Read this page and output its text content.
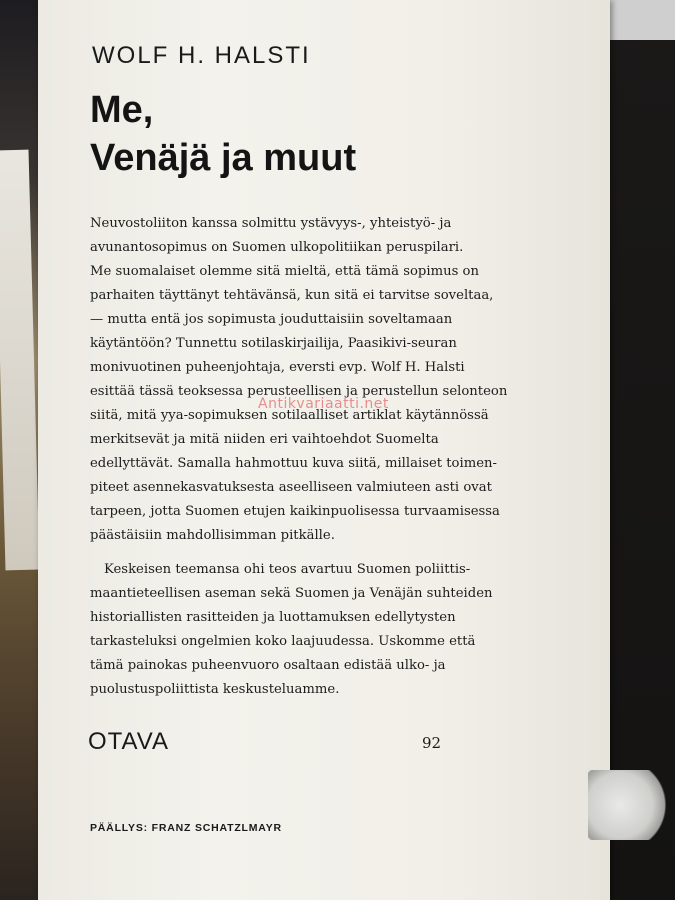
WOLF H. HALSTI
Me,
Venäjä ja muut
Neuvostoliiton kanssa solmittu ystävyys-, yhteistyö- ja
avunantosopimus on Suomen ulkopolitiikan peruspilari.
Me suomalaiset olemme sitä mieltä, että tämä sopimus on
parhaiten täyttänyt tehtävänsä, kun sitä ei tarvitse soveltaa,
— mutta entä jos sopimusta jouduttaisiin soveltamaan
käytäntöön? Tunnettu sotilaskirjailija, Paasikivi-seuran
monivuotinen puheenjohtaja, eversti evp. Wolf H. Halsti
esittää tässä teoksessa perusteellisen ja perustellun selonteon
siitä, mitä yya-sopimuksen sotilaalliset artiklat käytännössä
merkitsevät ja mitä niiden eri vaihtoehdot Suomelta
edellyttävät. Samalla hahmottuu kuva siitä, millaiset toimen-
piteet asennekasvatuksesta aseelliseen valmiuteen asti ovat
tarpeen, jotta Suomen etujen kaikinpuolisessa turvaamisessa
päästäisiin mahdollisimman pitkälle.
Keskeisen teemansa ohi teos avartuu Suomen poliittis-
maantieteellisen aseman sekä Suomen ja Venäjän suhteiden
historiallisten rasitteiden ja luottamuksen edellytysten
tarkasteluksi ongelmien koko laajuudessa. Uskomme että
tämä painokas puheenvuoro osaltaan edistää ulko- ja
puolustuspoliittista keskusteluamme.
Antikvariaatti.net
OTAVA	92
PÄÄLLYS: FRANZ SCHATZLMAYR
